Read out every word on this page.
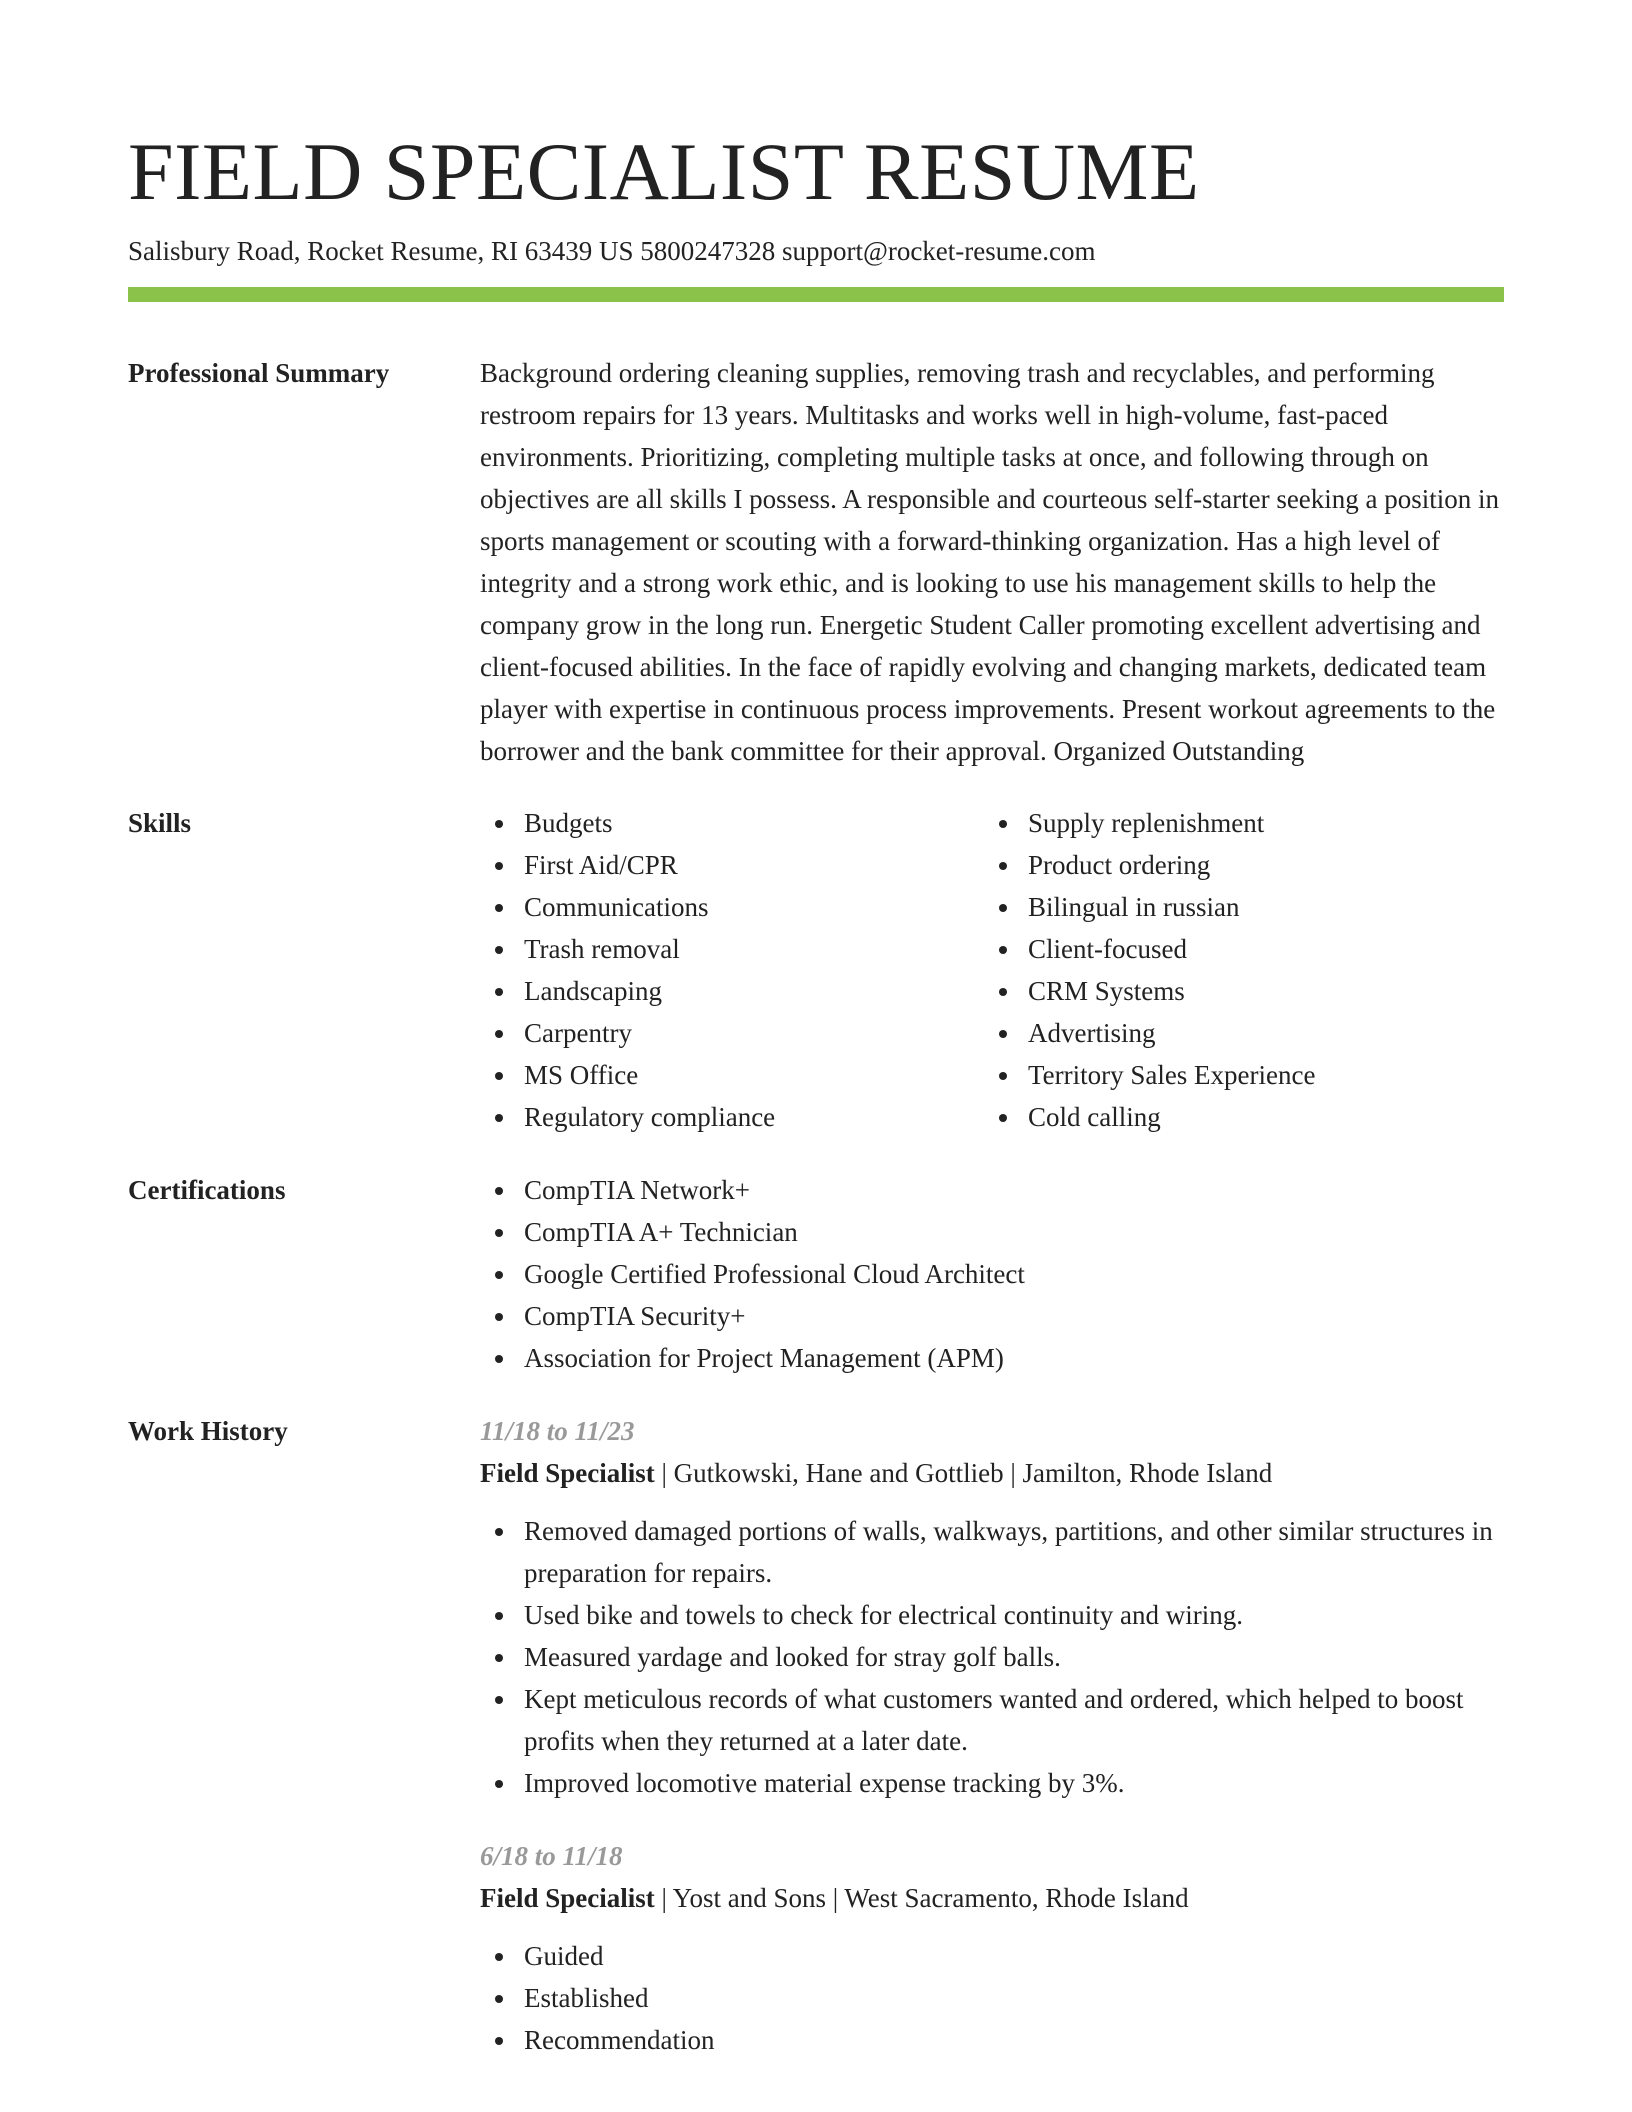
FIELD SPECIALIST RESUME
Salisbury Road, Rocket Resume, RI 63439 US 5800247328 support@rocket-resume.com
Professional Summary	Background ordering cleaning supplies, removing trash and recyclables, and performing restroom repairs for 13 years. Multitasks and works well in high-volume, fast-paced environments. Prioritizing, completing multiple tasks at once, and following through on objectives are all skills I possess. A responsible and courteous self-starter seeking a position in sports management or scouting with a forward-thinking organization. Has a high level of integrity and a strong work ethic, and is looking to use his management skills to help the company grow in the long run. Energetic Student Caller promoting excellent advertising and client-focused abilities. In the face of rapidly evolving and changing markets, dedicated team player with expertise in continuous process improvements. Present workout agreements to the borrower and the bank committee for their approval. Organized Outstanding

Skills	Budgets
First Aid/CPR
Communications
Trash removal
Landscaping
Carpentry
MS Office
Regulatory compliance
Supply replenishment
Product ordering
Bilingual in russian
Client-focused
CRM Systems
Advertising
Territory Sales Experience
Cold calling
Certifications	CompTIA Network+
CompTIA A+ Technician
Google Certified Professional Cloud Architect
CompTIA Security+
Association for Project Management (APM)
Work History	11/18 to 11/23
Field Specialist | Gutkowski, Hane and Gottlieb | Jamilton, Rhode Island
Removed damaged portions of walls, walkways, partitions, and other similar structures in preparation for repairs.
Used bike and towels to check for electrical continuity and wiring.
Measured yardage and looked for stray golf balls.
Kept meticulous records of what customers wanted and ordered, which helped to boost profits when they returned at a later date.
Improved locomotive material expense tracking by 3%.
6/18 to 11/18
Field Specialist | Yost and Sons | West Sacramento, Rhode Island
Guided
Established
Recommendation
